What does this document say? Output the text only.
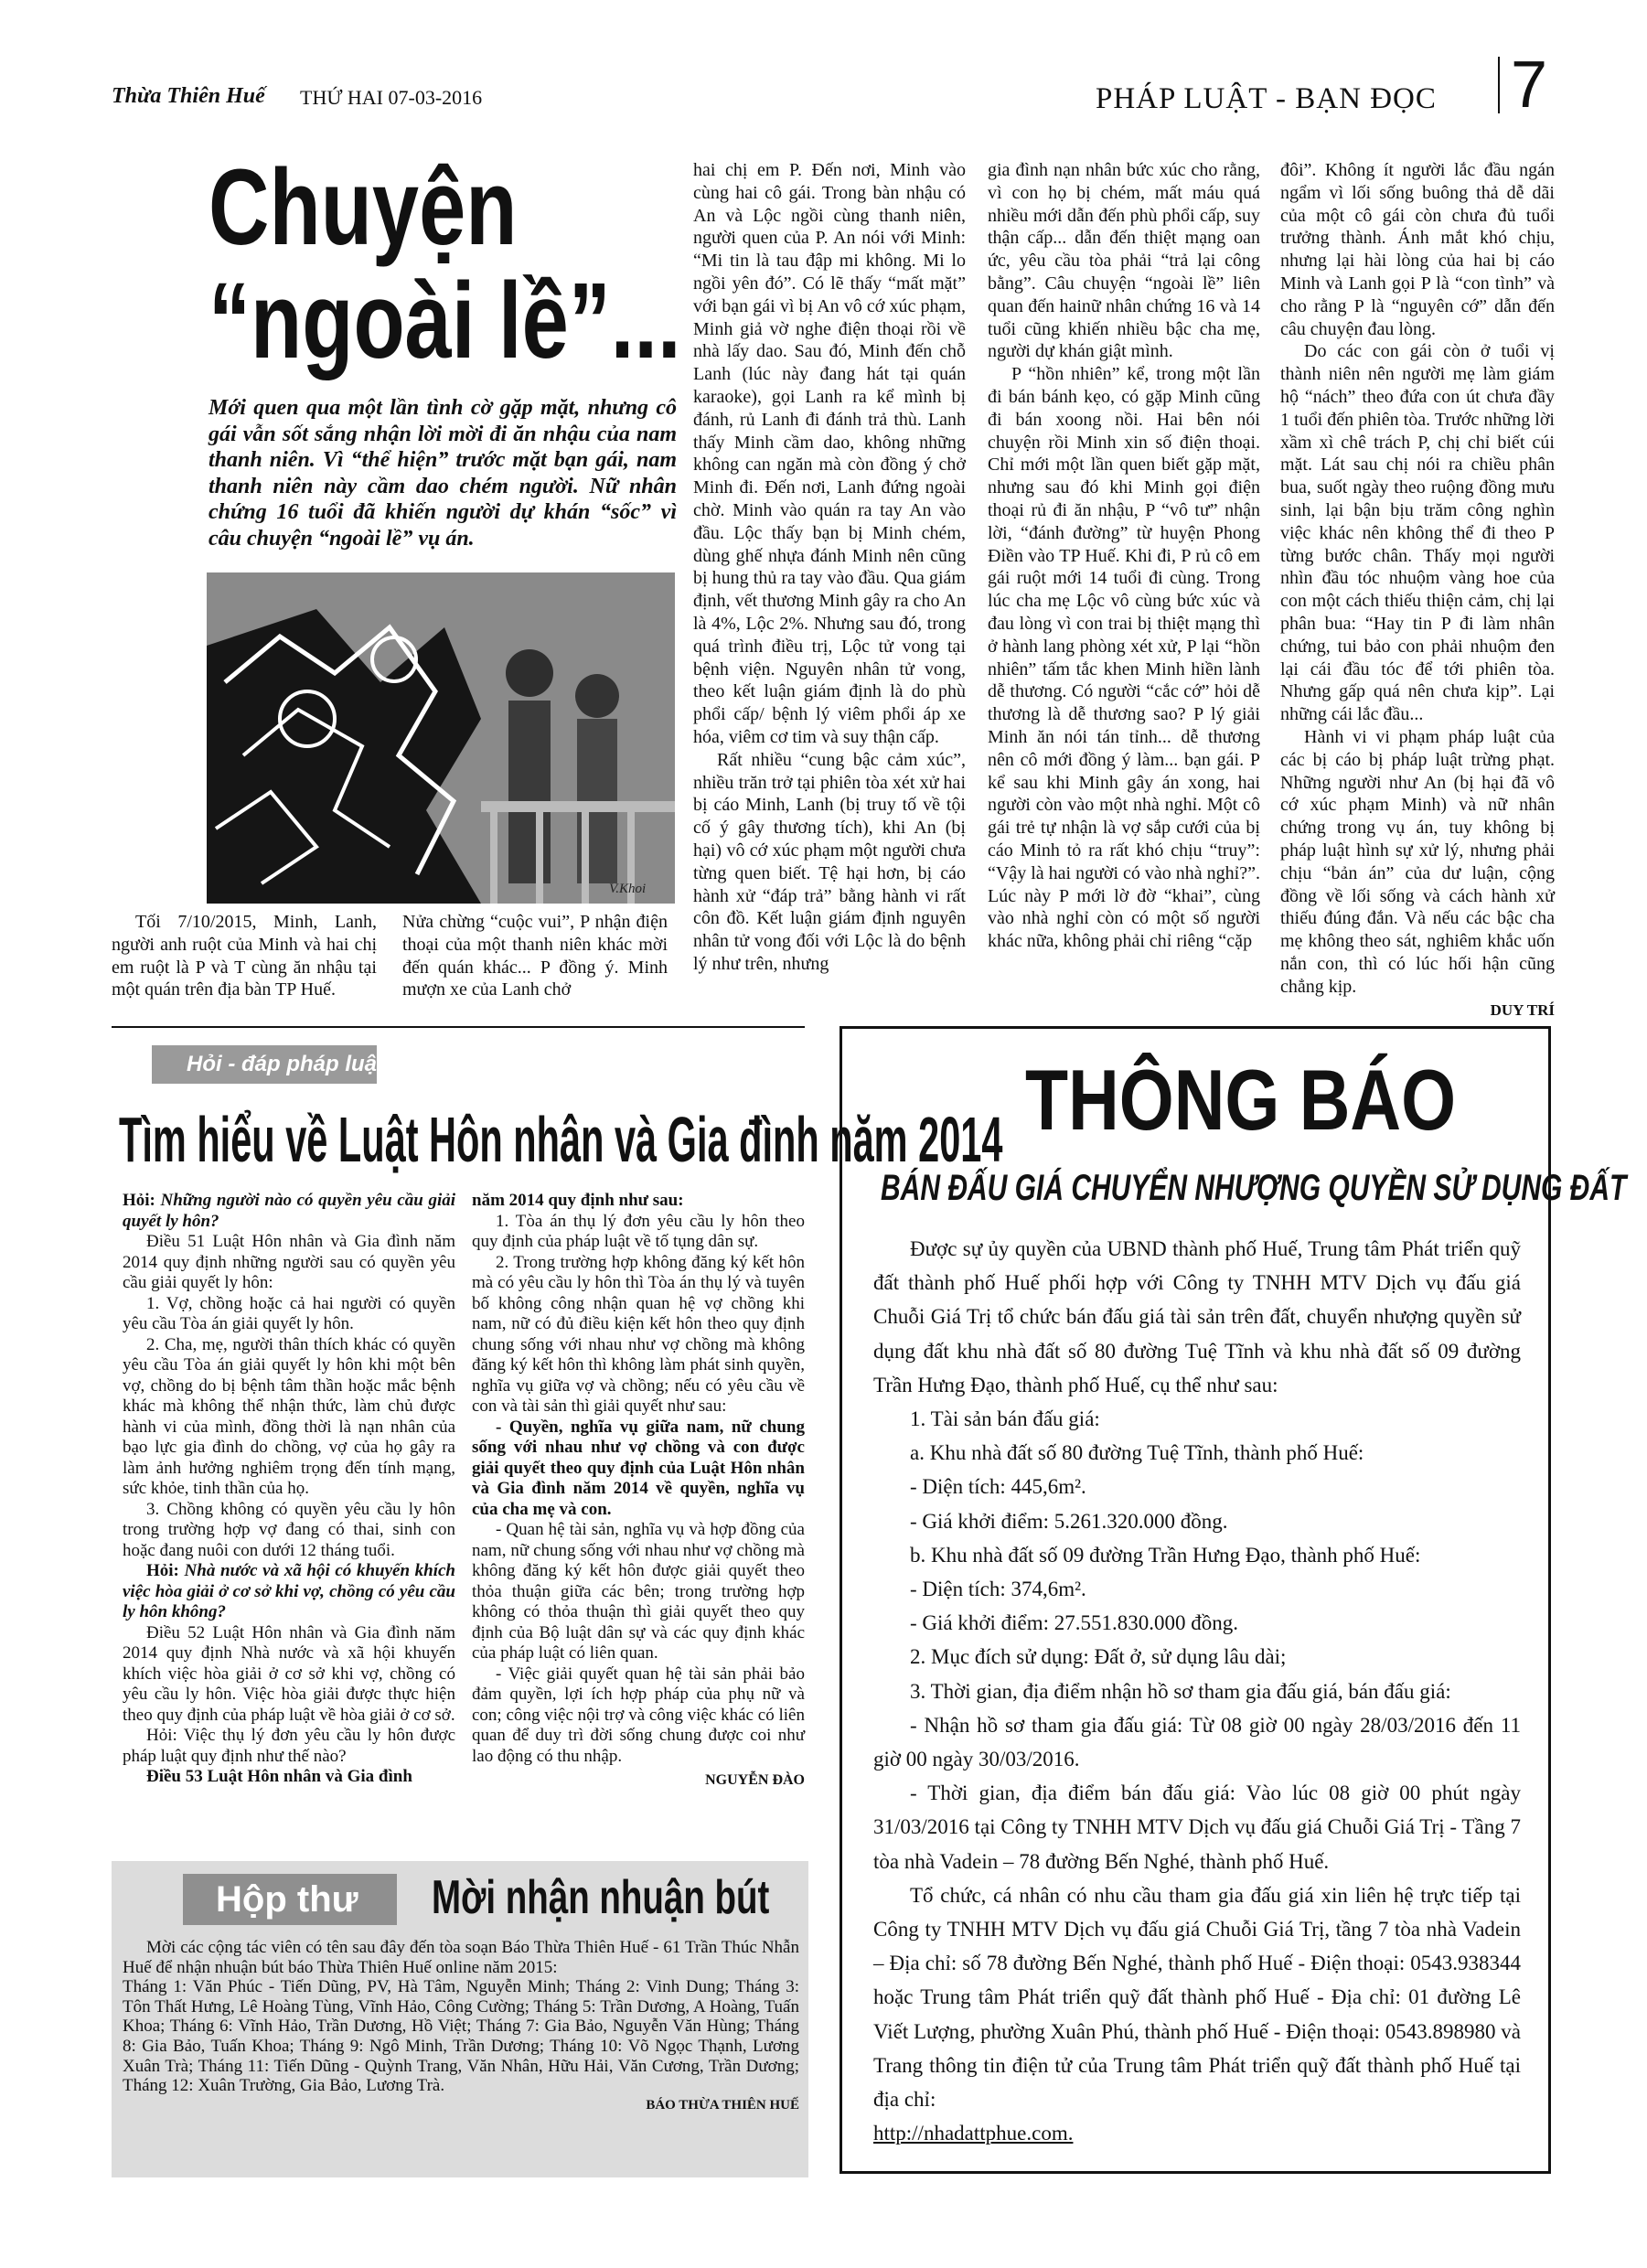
Thừa Thiên Huế THỨ HAI 07-03-2016	PHÁP LUẬT - BẠN ĐỌC 7
Chuyện
“ngoài lề”...
Mới quen qua một lần tình cờ gặp mặt, nhưng cô gái vẫn sốt sắng nhận lời mời đi ăn nhậu của nam thanh niên. Vì “thể hiện” trước mặt bạn gái, nam thanh niên này cầm dao chém người. Nữ nhân chứng 16 tuổi đã khiến người dự khán “sốc” vì câu chuyện “ngoài lề” vụ án.
V.Khoi

Tối 7/10/2015, Minh, Lanh, người anh ruột của Minh và hai chị em ruột là P và T cùng ăn nhậu tại một quán trên địa bàn TP Huế.

Nửa chừng “cuộc vui”, P nhận điện thoại của một thanh niên khác mời đến quán khác... P đồng ý. Minh mượn xe của Lanh chở

hai chị em P. Đến nơi, Minh vào cùng hai cô gái. Trong bàn nhậu có An và Lộc ngồi cùng thanh niên, người quen của P. An nói với Minh: “Mi tin là tau đập mi không. Mi lo ngồi yên đó”. Có lẽ thấy “mất mặt” với bạn gái vì bị An vô cớ xúc phạm, Minh giả vờ nghe điện thoại rồi về nhà lấy dao. Sau đó, Minh đến chỗ Lanh (lúc này đang hát tại quán karaoke), gọi Lanh ra kể mình bị đánh, rủ Lanh đi đánh trả thù. Lanh thấy Minh cầm dao, không những không can ngăn mà còn đồng ý chở Minh đi. Đến nơi, Lanh đứng ngoài chờ. Minh vào quán ra tay An vào đầu. Lộc thấy bạn bị Minh chém, dùng ghế nhựa đánh Minh nên cũng bị hung thủ ra tay vào đầu. Qua giám định, vết thương Minh gây ra cho An là 4%, Lộc 2%. Nhưng sau đó, trong quá trình điều trị, Lộc tử vong tại bệnh viện. Nguyên nhân tử vong, theo kết luận giám định là do phù phổi cấp/ bệnh lý viêm phổi áp xe hóa, viêm cơ tim và suy thận cấp.

Rất nhiều “cung bậc cảm xúc”, nhiều trăn trở tại phiên tòa xét xử hai bị cáo Minh, Lanh (bị truy tố về tội cố ý gây thương tích), khi An (bị hại) vô cớ xúc phạm một người chưa từng quen biết. Tệ hại hơn, bị cáo hành xử “đáp trả” bằng hành vi rất côn đồ. Kết luận giám định nguyên nhân tử vong đối với Lộc là do bệnh lý như trên, nhưng

gia đình nạn nhân bức xúc cho rằng, vì con họ bị chém, mất máu quá nhiều mới dẫn đến phù phổi cấp, suy thận cấp... dẫn đến thiệt mạng oan ức, yêu cầu tòa phải “trả lại công bằng”. Câu chuyện “ngoài lề” liên quan đến hainữ nhân chứng 16 và 14 tuổi cũng khiến nhiều bậc cha mẹ, người dự khán giật mình.

P “hồn nhiên” kể, trong một lần đi bán bánh kẹo, có gặp Minh cũng đi bán xoong nồi. Hai bên nói chuyện rồi Minh xin số điện thoại. Chỉ mới một lần quen biết gặp mặt, nhưng sau đó khi Minh gọi điện thoại rủ đi ăn nhậu, P “vô tư” nhận lời, “đánh đường” từ huyện Phong Điền vào TP Huế. Khi đi, P rủ cô em gái ruột mới 14 tuổi đi cùng. Trong lúc cha mẹ Lộc vô cùng bức xúc và đau lòng vì con trai bị thiệt mạng thì ở hành lang phòng xét xử, P lại “hồn nhiên” tấm tắc khen Minh hiền lành dễ thương. Có người “cắc cớ” hỏi dễ thương là dễ thương sao? P lý giải Minh ăn nói tán tỉnh... dễ thương nên cô mới đồng ý làm... bạn gái. P kể sau khi Minh gây án xong, hai người còn vào một nhà nghỉ. Một cô gái trẻ tự nhận là vợ sắp cưới của bị cáo Minh tỏ ra rất khó chịu “truy”: “Vậy là hai người có vào nhà nghỉ?”. Lúc này P mới lờ đờ “khai”, cùng vào nhà nghỉ còn có một số người khác nữa, không phải chỉ riêng “cặp

đôi”. Không ít người lắc đầu ngán ngẩm vì lối sống buông thả dễ dãi của một cô gái còn chưa đủ tuổi trưởng thành. Ánh mắt khó chịu, nhưng lại hài lòng của hai bị cáo Minh và Lanh gọi P là “con tình” và cho rằng P là “nguyên cớ” dẫn đến câu chuyện đau lòng.

Do các con gái còn ở tuổi vị thành niên nên người mẹ làm giám hộ “nách” theo đứa con út chưa đầy 1 tuổi đến phiên tòa. Trước những lời xầm xì chê trách P, chị chỉ biết cúi mặt. Lát sau chị nói ra chiều phân bua, suốt ngày theo ruộng đồng mưu sinh, lại bận bịu trăm công nghìn việc khác nên không thể đi theo P từng bước chân. Thấy mọi người nhìn đầu tóc nhuộm vàng hoe của con một cách thiếu thiện cảm, chị lại phân bua: “Hay tin P đi làm nhân chứng, tui bảo con phải nhuộm đen lại cái đầu tóc để tới phiên tòa. Nhưng gấp quá nên chưa kịp”. Lại những cái lắc đầu...

Hành vi vi phạm pháp luật của các bị cáo bị pháp luật trừng phạt. Những người như An (bị hại đã vô cớ xúc phạm Minh) và nữ nhân chứng trong vụ án, tuy không bị pháp luật hình sự xử lý, nhưng phải chịu “bản án” của dư luận, cộng đồng về lối sống và cách hành xử thiếu đúng đắn. Và nếu các bậc cha mẹ không theo sát, nghiêm khắc uốn nắn con, thì có lúc hối hận cũng chẳng kịp.

DUY TRÍ
Hỏi - đáp pháp luật
Tìm hiểu về Luật Hôn nhân và Gia đình năm 2014

Hỏi: Những người nào có quyền yêu cầu giải quyết ly hôn?

Điều 51 Luật Hôn nhân và Gia đình năm 2014 quy định những người sau có quyền yêu cầu giải quyết ly hôn:

1. Vợ, chồng hoặc cả hai người có quyền yêu cầu Tòa án giải quyết ly hôn.

2. Cha, mẹ, người thân thích khác có quyền yêu cầu Tòa án giải quyết ly hôn khi một bên vợ, chồng do bị bệnh tâm thần hoặc mắc bệnh khác mà không thể nhận thức, làm chủ được hành vi của mình, đồng thời là nạn nhân của bạo lực gia đình do chồng, vợ của họ gây ra làm ảnh hưởng nghiêm trọng đến tính mạng, sức khỏe, tinh thần của họ.

3. Chồng không có quyền yêu cầu ly hôn trong trường hợp vợ đang có thai, sinh con hoặc đang nuôi con dưới 12 tháng tuổi.

Hỏi: Nhà nước và xã hội có khuyến khích việc hòa giải ở cơ sở khi vợ, chồng có yêu cầu ly hôn không?

Điều 52 Luật Hôn nhân và Gia đình năm 2014 quy định Nhà nước và xã hội khuyến khích việc hòa giải ở cơ sở khi vợ, chồng có yêu cầu ly hôn. Việc hòa giải được thực hiện theo quy định của pháp luật về hòa giải ở cơ sở.

Hỏi: Việc thụ lý đơn yêu cầu ly hôn được pháp luật quy định như thế nào?

Điều 53 Luật Hôn nhân và Gia đình

năm 2014 quy định như sau:

1. Tòa án thụ lý đơn yêu cầu ly hôn theo quy định của pháp luật về tố tụng dân sự.

2. Trong trường hợp không đăng ký kết hôn mà có yêu cầu ly hôn thì Tòa án thụ lý và tuyên bố không công nhận quan hệ vợ chồng khi nam, nữ có đủ điều kiện kết hôn theo quy định chung sống với nhau như vợ chồng mà không đăng ký kết hôn thì không làm phát sinh quyền, nghĩa vụ giữa vợ và chồng; nếu có yêu cầu về con và tài sản thì giải quyết như sau:

- Quyền, nghĩa vụ giữa nam, nữ chung sống với nhau như vợ chồng và con được giải quyết theo quy định của Luật Hôn nhân và Gia đình năm 2014 về quyền, nghĩa vụ của cha mẹ và con.

- Quan hệ tài sản, nghĩa vụ và hợp đồng của nam, nữ chung sống với nhau như vợ chồng mà không đăng ký kết hôn được giải quyết theo thỏa thuận giữa các bên; trong trường hợp không có thỏa thuận thì giải quyết theo quy định của Bộ luật dân sự và các quy định khác của pháp luật có liên quan.

- Việc giải quyết quan hệ tài sản phải bảo đảm quyền, lợi ích hợp pháp của phụ nữ và con; công việc nội trợ và công việc khác có liên quan để duy trì đời sống chung được coi như lao động có thu nhập.

NGUYỄN ĐÀO
Hộp thư	Mời nhận nhuận bút

Mời các cộng tác viên có tên sau đây đến tòa soạn Báo Thừa Thiên Huế - 61 Trần Thúc Nhẫn Huế để nhận nhuận bút báo Thừa Thiên Huế online năm 2015:

Tháng 1: Văn Phúc - Tiến Dũng, PV, Hà Tâm, Nguyễn Minh; Tháng 2: Vinh Dung; Tháng 3: Tôn Thất Hưng, Lê Hoàng Tùng, Vĩnh Hảo, Công Cường; Tháng 5: Trần Dương, A Hoàng, Tuấn Khoa; Tháng 6: Vĩnh Hảo, Trần Dương, Hồ Việt; Tháng 7: Gia Bảo, Nguyễn Văn Hùng; Tháng 8: Gia Bảo, Tuấn Khoa; Tháng 9: Ngô Minh, Trần Dương; Tháng 10: Võ Ngọc Thạnh, Lương Xuân Trà; Tháng 11: Tiến Dũng - Quỳnh Trang, Văn Nhân, Hữu Hải, Văn Cương, Trần Dương; Tháng 12: Xuân Trường, Gia Bảo, Lương Trà.

BÁO THỪA THIÊN HUẾ
THÔNG BÁO
BÁN ĐẤU GIÁ CHUYỂN NHƯỢNG QUYỀN SỬ DỤNG ĐẤT

Được sự ủy quyền của UBND thành phố Huế, Trung tâm Phát triển quỹ đất thành phố Huế phối hợp với Công ty TNHH MTV Dịch vụ đấu giá Chuỗi Giá Trị tổ chức bán đấu giá tài sản trên đất, chuyển nhượng quyền sử dụng đất khu nhà đất số 80 đường Tuệ Tĩnh và khu nhà đất số 09 đường Trần Hưng Đạo, thành phố Huế, cụ thể như sau:

1. Tài sản bán đấu giá:

a. Khu nhà đất số 80 đường Tuệ Tĩnh, thành phố Huế:

- Diện tích: 445,6m².

- Giá khởi điểm: 5.261.320.000 đồng.

b. Khu nhà đất số 09 đường Trần Hưng Đạo, thành phố Huế:

- Diện tích: 374,6m².

- Giá khởi điểm: 27.551.830.000 đồng.

2. Mục đích sử dụng: Đất ở, sử dụng lâu dài;

3. Thời gian, địa điểm nhận hồ sơ tham gia đấu giá, bán đấu giá:

- Nhận hồ sơ tham gia đấu giá: Từ 08 giờ 00 ngày 28/03/2016 đến 11 giờ 00 ngày 30/03/2016.

- Thời gian, địa điểm bán đấu giá: Vào lúc 08 giờ 00 phút ngày 31/03/2016 tại Công ty TNHH MTV Dịch vụ đấu giá Chuỗi Giá Trị - Tầng 7 tòa nhà Vadein – 78 đường Bến Nghé, thành phố Huế.

Tổ chức, cá nhân có nhu cầu tham gia đấu giá xin liên hệ trực tiếp tại Công ty TNHH MTV Dịch vụ đấu giá Chuỗi Giá Trị, tầng 7 tòa nhà Vadein – Địa chỉ: số 78 đường Bến Nghé, thành phố Huế - Điện thoại: 0543.938344 hoặc Trung tâm Phát triển quỹ đất thành phố Huế - Địa chỉ: 01 đường Lê Viết Lượng, phường Xuân Phú, thành phố Huế - Điện thoại: 0543.898980 và Trang thông tin điện tử của Trung tâm Phát triển quỹ đất thành phố Huế tại địa chỉ:

http://nhadattphue.com.
